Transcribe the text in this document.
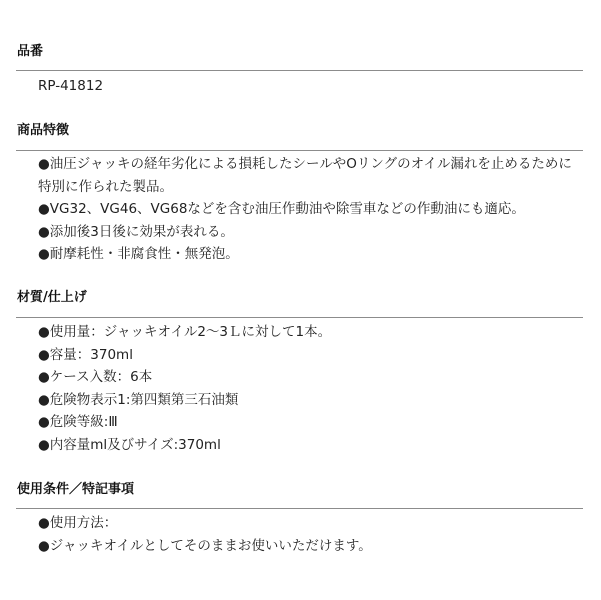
品番
RP-41812
商品特徴
●油圧ジャッキの経年劣化による損耗したシールやOリングのオイル漏れを止めるために特別に作られた製品。
●VG32、VG46、VG68などを含む油圧作動油や除雪車などの作動油にも適応。
●添加後3日後に効果が表れる。
●耐摩耗性・非腐食性・無発泡。
材質/仕上げ
●使用量：ジャッキオイル2～3Ｌに対して1本。
●容量：370ml
●ケース入数：6本
●危険物表示1:第四類第三石油類
●危険等級:Ⅲ
●内容量ml及びサイズ:370ml
使用条件／特記事項
●使用方法：
●ジャッキオイルとしてそのままお使いいただけます。
